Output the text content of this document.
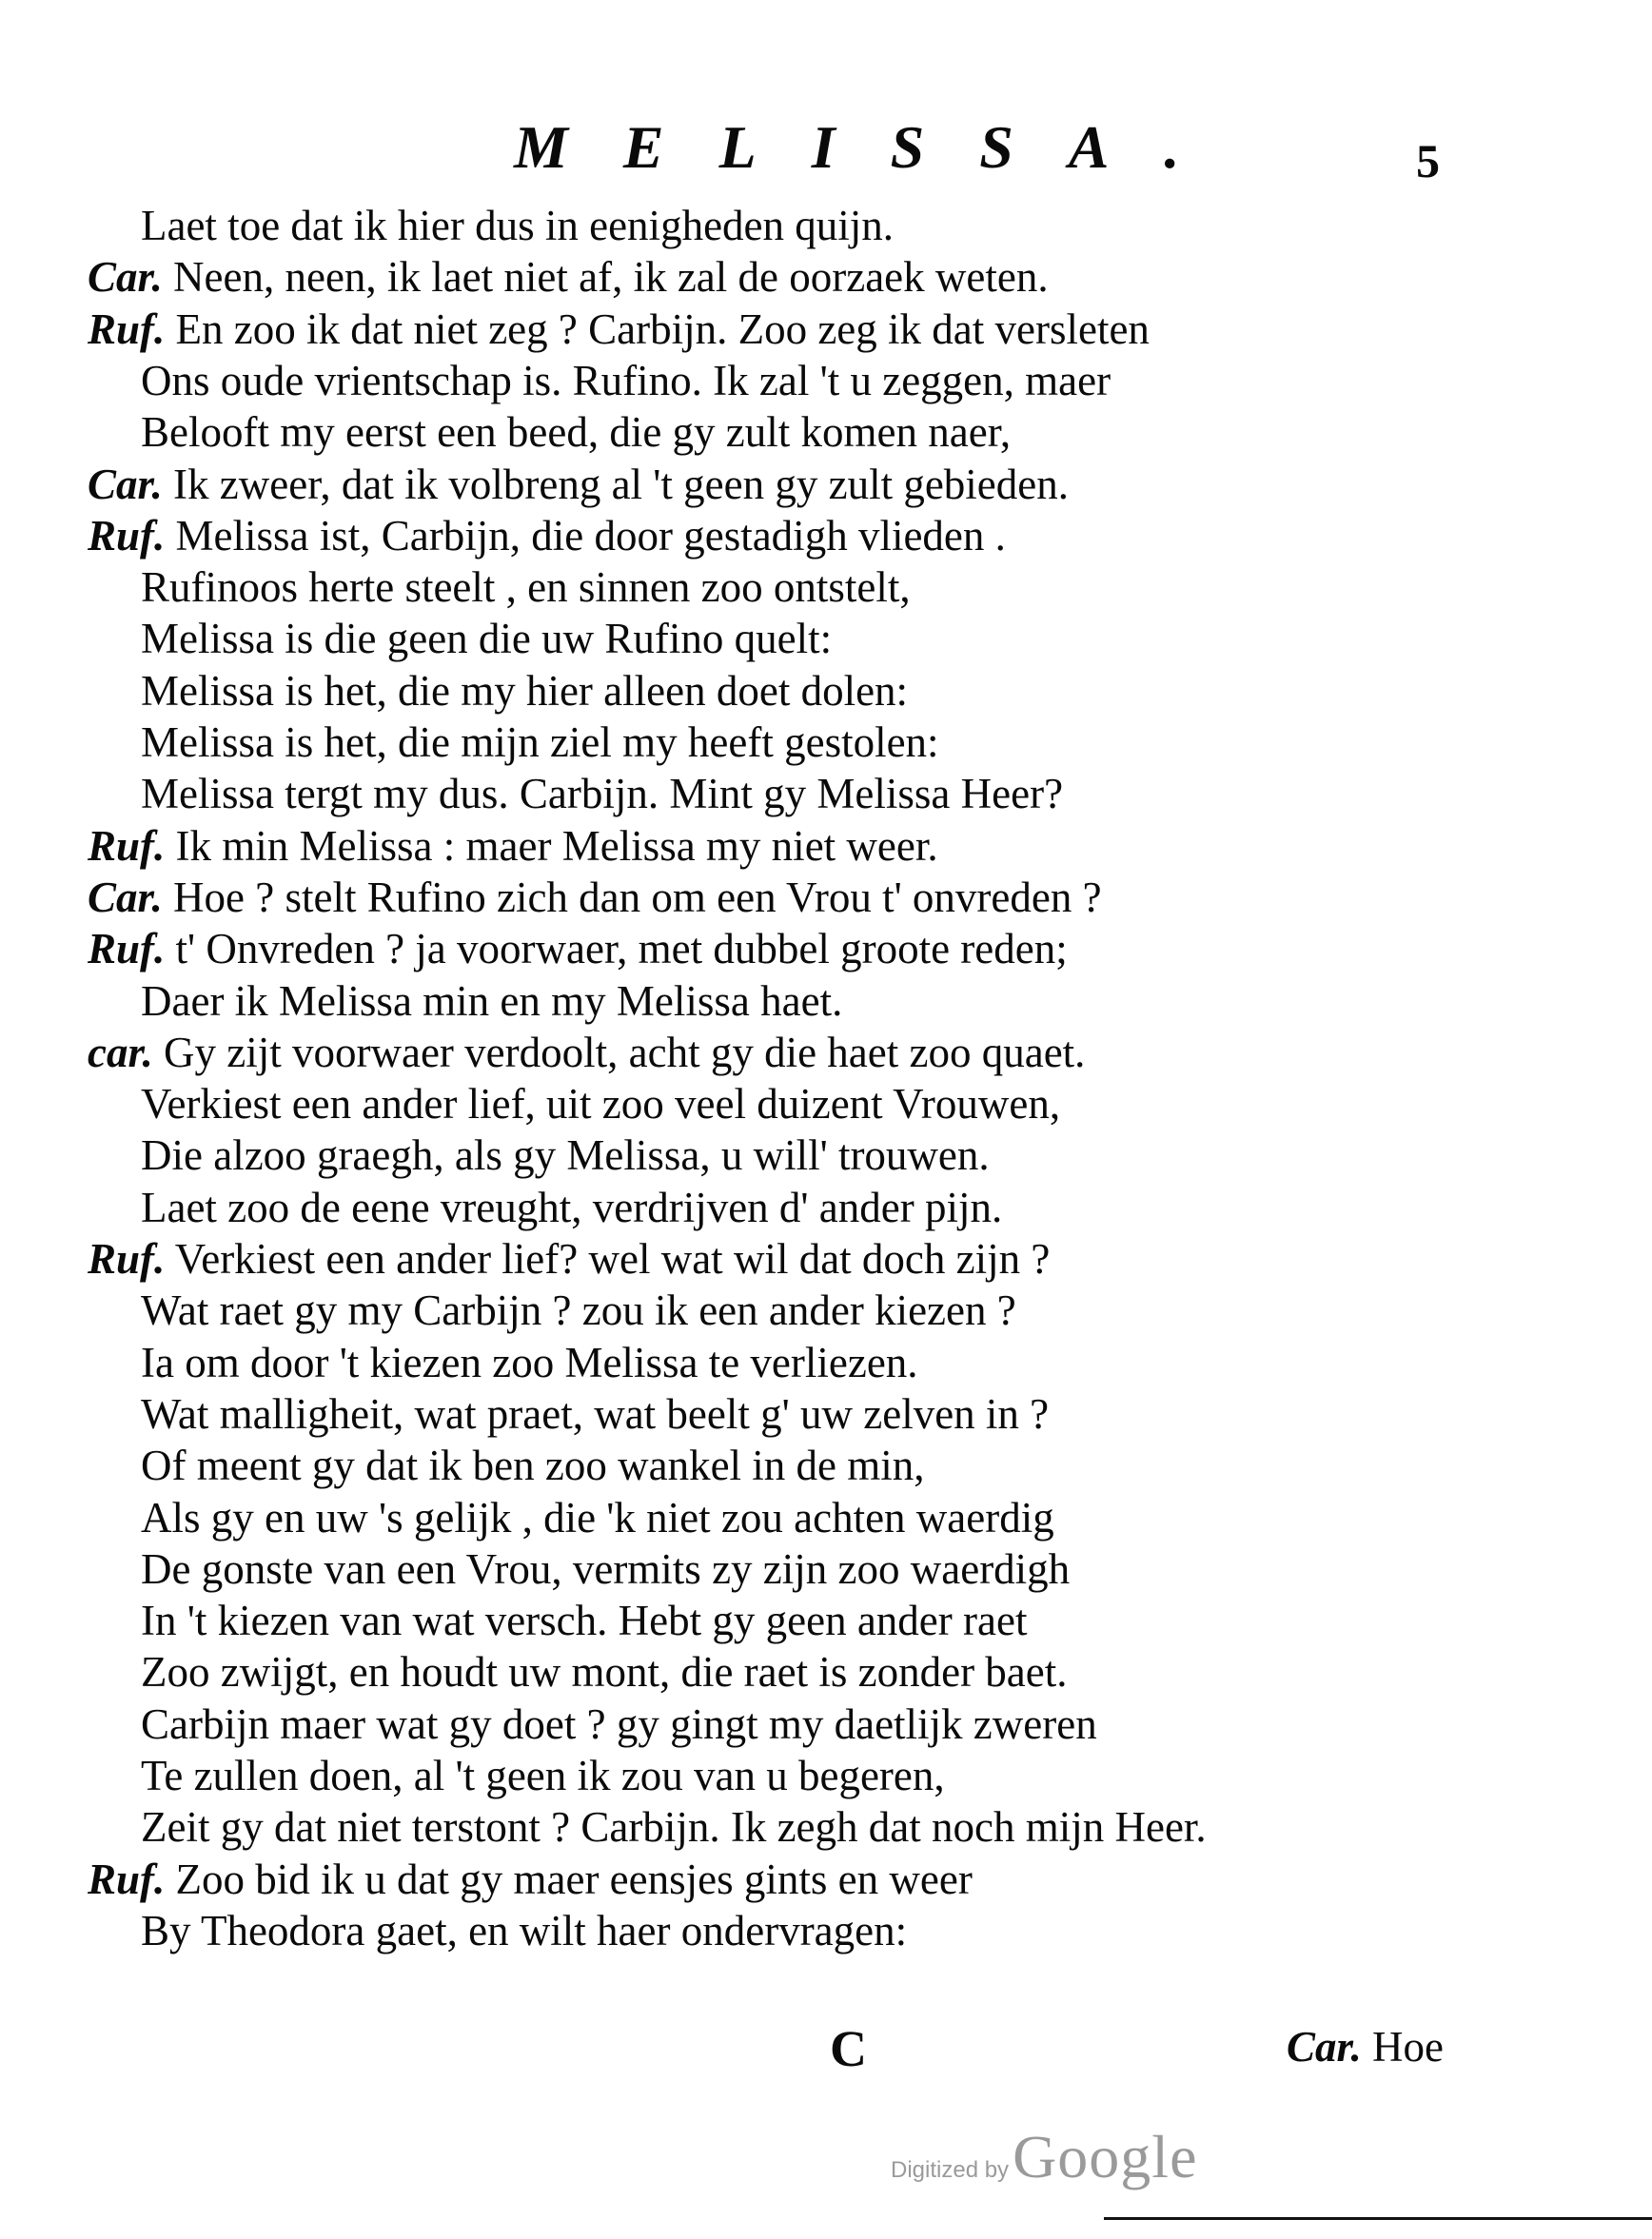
MELISSA.	5
Laet toe dat ik hier dus in eenigheden quijn.
Car. Neen, neen, ik laet niet af, ik zal de oorzaek weten.
Ruf. En zoo ik dat niet zeg ? Carbijn. Zoo zeg ik dat versleten
Ons oude vrientschap is. Rufino. Ik zal 't u zeggen, maer
Belooft my eerst een beed, die gy zult komen naer,
Car. Ik zweer, dat ik volbreng al 't geen gy zult gebieden.
Ruf. Melissa ist, Carbijn, die door gestadigh vlieden .
Rufinoos herte steelt , en sinnen zoo ontstelt,
Melissa is die geen die uw Rufino quelt:
Melissa is het, die my hier alleen doet dolen:
Melissa is het, die mijn ziel my heeft gestolen:
Melissa tergt my dus. Carbijn. Mint gy Melissa Heer?
Ruf. Ik min Melissa : maer Melissa my niet weer.
Car. Hoe ? stelt Rufino zich dan om een Vrou t' onvreden ?
Ruf. t' Onvreden ? ja voorwaer, met dubbel groote reden;
Daer ik Melissa min en my Melissa haet.
car. Gy zijt voorwaer verdoolt, acht gy die haet zoo quaet.
Verkiest een ander lief, uit zoo veel duizent Vrouwen,
Die alzoo graegh, als gy Melissa, u will' trouwen.
Laet zoo de eene vreught, verdrijven d' ander pijn.
Ruf. Verkiest een ander lief? wel wat wil dat doch zijn ?
Wat raet gy my Carbijn ? zou ik een ander kiezen ?
Ia om door 't kiezen zoo Melissa te verliezen.
Wat malligheit, wat praet, wat beelt g' uw zelven in ?
Of meent gy dat ik ben zoo wankel in de min,
Als gy en uw 's gelijk , die 'k niet zou achten waerdig
De gonste van een Vrou, vermits zy zijn zoo waerdigh
In 't kiezen van wat versch. Hebt gy geen ander raet
Zoo zwijgt, en houdt uw mont, die raet is zonder baet.
Carbijn maer wat gy doet ? gy gingt my daetlijk zweren
Te zullen doen, al 't geen ik zou van u begeren,
Zeit gy dat niet terstont ? Carbijn. Ik zegh dat noch mijn Heer.
Ruf. Zoo bid ik u dat gy maer eensjes gints en weer
By Theodora gaet, en wilt haer ondervragen:
C	Car. Hoe
Digitized by Google
